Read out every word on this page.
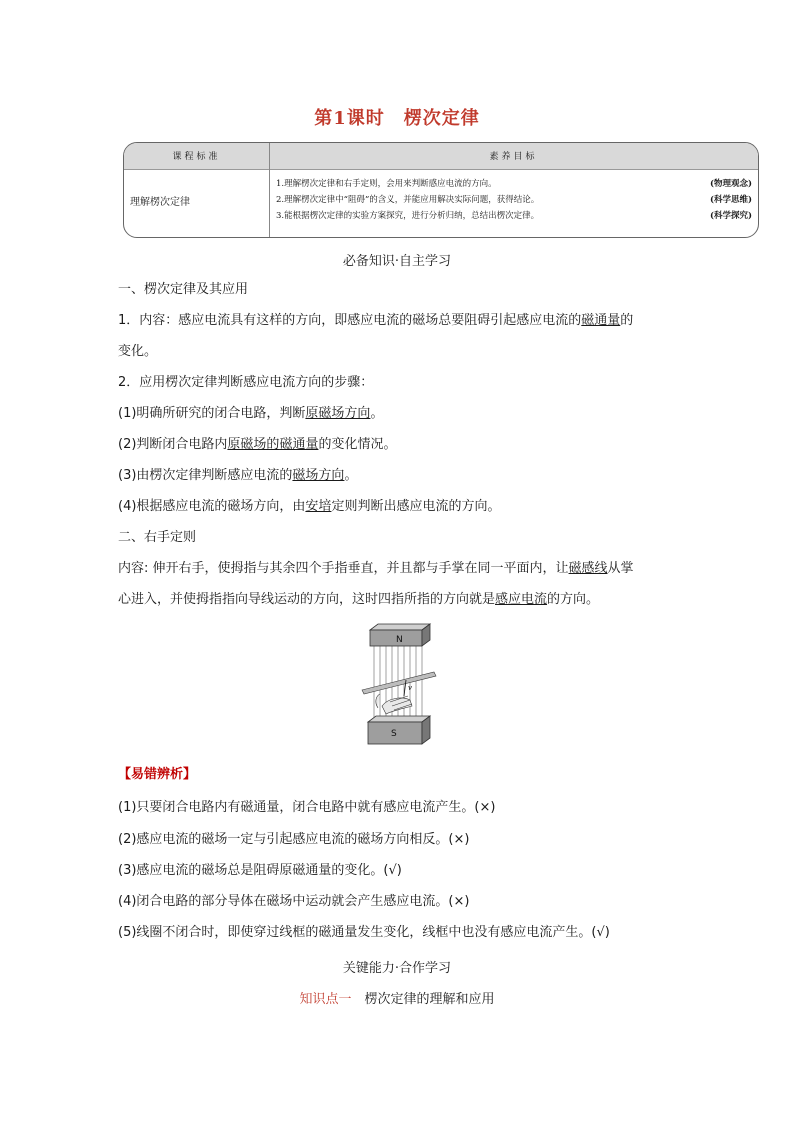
第1课时　楞次定律
课程标准	素养目标
理解楞次定律
1.理解楞次定律和右手定则，会用来判断感应电流的方向。	(物理观念)
2.理解楞次定律中“阻碍”的含义，并能应用解决实际问题，获得结论。	(科学思维)
3.能根据楞次定律的实验方案探究，进行分析归纳，总结出楞次定律。	(科学探究)
必备知识·自主学习
一、楞次定律及其应用
1．内容：感应电流具有这样的方向，即感应电流的磁场总要阻碍引起感应电流的磁通量的
变化。
2．应用楞次定律判断感应电流方向的步骤：
(1)明确所研究的闭合电路，判断原磁场方向。
(2)判断闭合电路内原磁场的磁通量的变化情况。
(3)由楞次定律判断感应电流的磁场方向。
(4)根据感应电流的磁场方向，由安培定则判断出感应电流的方向。
二、右手定则
内容: 伸开右手，使拇指与其余四个手指垂直，并且都与手掌在同一平面内，让磁感线从掌
心进入，并使拇指指向导线运动的方向，这时四指所指的方向就是感应电流的方向。
N
v
S
【易错辨析】
(1)只要闭合电路内有磁通量，闭合电路中就有感应电流产生。(×)
(2)感应电流的磁场一定与引起感应电流的磁场方向相反。(×)
(3)感应电流的磁场总是阻碍原磁通量的变化。(√)
(4)闭合电路的部分导体在磁场中运动就会产生感应电流。(×)
(5)线圈不闭合时，即使穿过线框的磁通量发生变化，线框中也没有感应电流产生。(√)
关键能力·合作学习
知识点一　楞次定律的理解和应用
